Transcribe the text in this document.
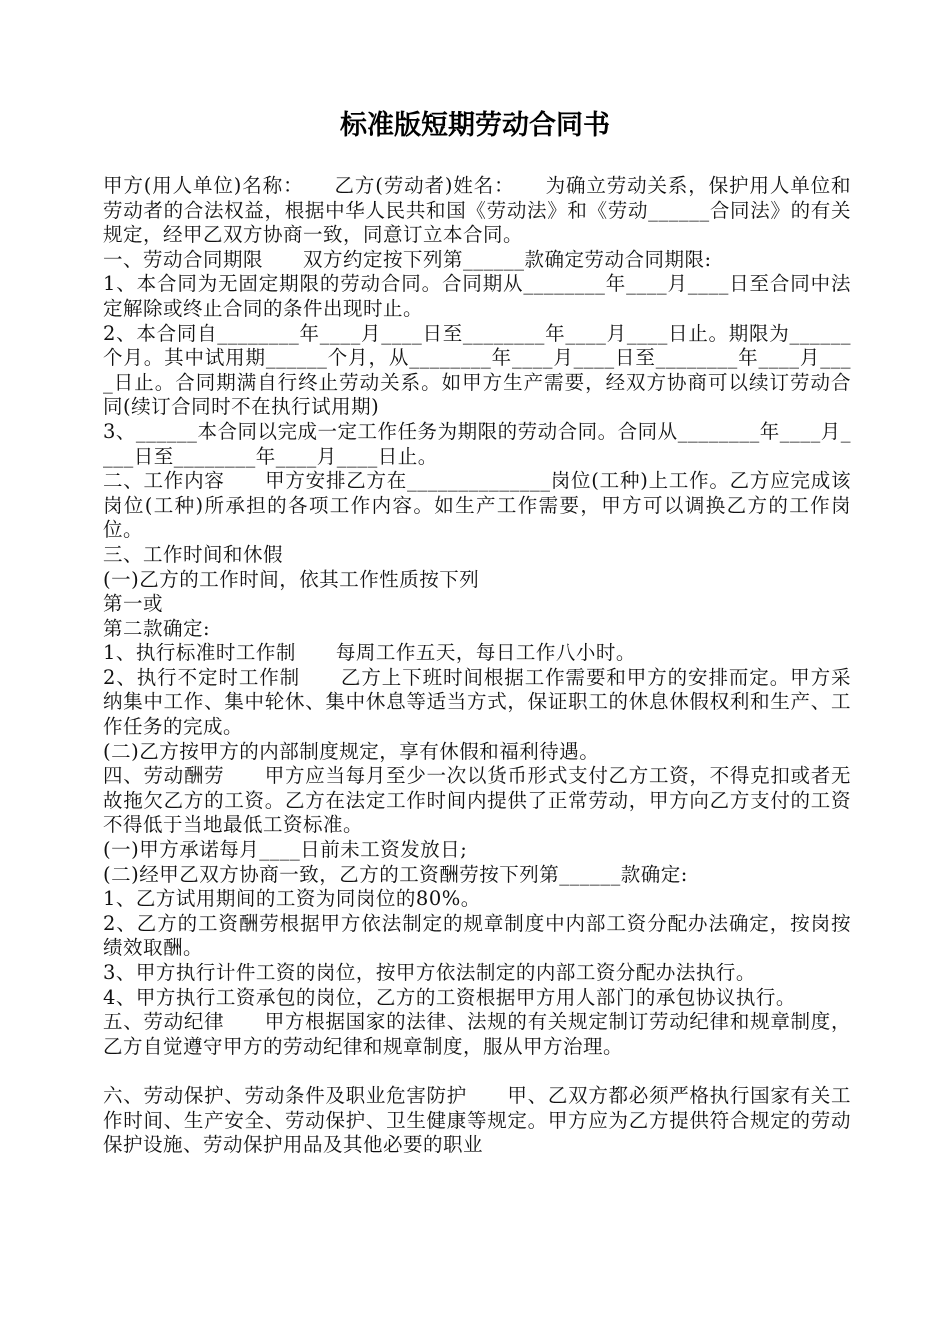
标准版短期劳动合同书

甲方(用人单位)名称：　　乙方(劳动者)姓名：　　为确立劳动关系，保护用人单位和劳动者的合法权益，根据中华人民共和国《劳动法》和《劳动______合同法》的有关规定，经甲乙双方协商一致，同意订立本合同。

一、劳动合同期限　　双方约定按下列第______款确定劳动合同期限:

1、本合同为无固定期限的劳动合同。合同期从________年____月____日至合同中法定解除或终止合同的条件出现时止。

2、本合同自________年____月____日至________年____月____日止。期限为______个月。其中试用期______个月，从________年____月____日至________年____月____日止。合同期满自行终止劳动关系。如甲方生产需要，经双方协商可以续订劳动合同(续订合同时不在执行试用期)

3、______本合同以完成一定工作任务为期限的劳动合同。合同从________年____月____日至________年____月____日止。

二、工作内容　　甲方安排乙方在______________岗位(工种)上工作。乙方应完成该岗位(工种)所承担的各项工作内容。如生产工作需要，甲方可以调换乙方的工作岗位。

三、工作时间和休假

(一)乙方的工作时间，依其工作性质按下列

第一或

第二款确定:

1、执行标准时工作制　　每周工作五天，每日工作八小时。

2、执行不定时工作制　　乙方上下班时间根据工作需要和甲方的安排而定。甲方采纳集中工作、集中轮休、集中休息等适当方式，保证职工的休息休假权利和生产、工作任务的完成。

(二)乙方按甲方的内部制度规定，享有休假和福利待遇。

四、劳动酬劳　　甲方应当每月至少一次以货币形式支付乙方工资，不得克扣或者无故拖欠乙方的工资。乙方在法定工作时间内提供了正常劳动，甲方向乙方支付的工资不得低于当地最低工资标准。

(一)甲方承诺每月____日前未工资发放日;

(二)经甲乙双方协商一致，乙方的工资酬劳按下列第______款确定:

1、乙方试用期间的工资为同岗位的80%。

2、乙方的工资酬劳根据甲方依法制定的规章制度中内部工资分配办法确定，按岗按绩效取酬。

3、甲方执行计件工资的岗位，按甲方依法制定的内部工资分配办法执行。

4、甲方执行工资承包的岗位，乙方的工资根据甲方用人部门的承包协议执行。

五、劳动纪律　　甲方根据国家的法律、法规的有关规定制订劳动纪律和规章制度，乙方自觉遵守甲方的劳动纪律和规章制度，服从甲方治理。

六、劳动保护、劳动条件及职业危害防护　　甲、乙双方都必须严格执行国家有关工作时间、生产安全、劳动保护、卫生健康等规定。甲方应为乙方提供符合规定的劳动保护设施、劳动保护用品及其他必要的职业
